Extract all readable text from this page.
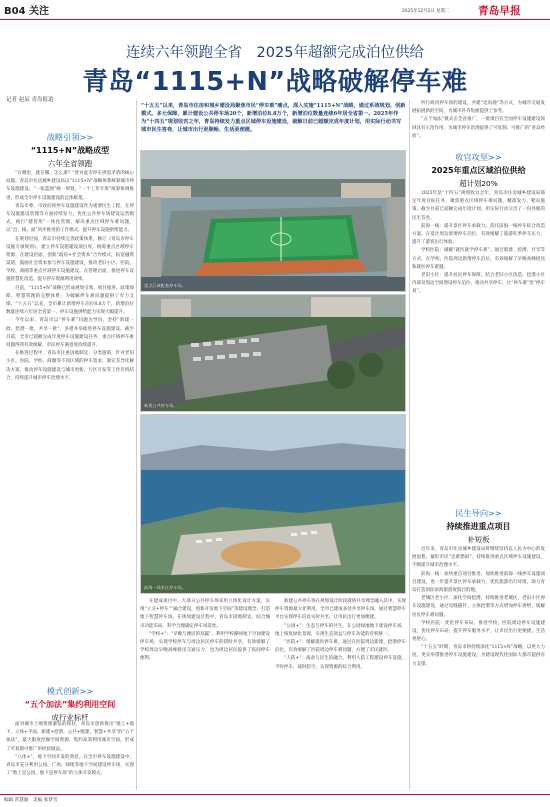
B04 关注	2025年12月2日 星期二	青岛早报
连续六年领跑全省　2025年超额完成泊位供给
青岛“1115+N”战略破解停车难
记者 赵辰 青岛报道
“十五五”以来，青岛市住房和城乡建设局聚焦市民“停车难”痛点，深入实施“1115+N”战略，通过系统规划、创新模式、多元保障，累计建设公共停车场20个，新增泊位8.8万个，新增泊位数量连续6年居全省第一。2025年作为“十四五”规划收官之年，青岛持续发力重点区域停车设施建设，破解日前已超额完成年度计划，用实际行动书写城市民生答卷，让城市出行更顺畅、生活更便捷。
战略引领>>
“1115+N”战略成型
六年全省领跑

“在哪里，就在哪，怎么难？”曾对此市停车供需矛盾的核心问题。青岛市住房城乡建设局以“1115+N”战略体系统筹城市停车设施建设，“一张蓝图”统一规划，“一个工作专班”统筹协调推进，形成全市停车设施建设的总体框架。

青岛市委、市政府将停车设施建设作为重要民生工程，在停车设施建设管理等方面持续发力。优化公共停车场建设运营模式，推行“建管用”一体化管理，解决重点区域停车难问题，以“点、线、面”同步推进的工作模式，提升停车设施供给能力。

在规划层面，青岛市持续完善政策体系，修订《青岛市停车设施专项规划》，建立停车设施建设项目库，统筹重点区域停车资源。在建设层面，创新“政府+社会资本”合作模式，拓宽融资渠道，鼓励社会资本参与停车设施建设，推动老旧小区、医院、学校、商圈等重点区域停车设施建设。在管理层面，推进停车设施智慧化改造，提升停车资源利用效率。

目前，“1115+N”战略已形成规划引领、项目推进、政策保障、智慧管理的完整体系，为破解停车难问题提供了有力支撑。“十五五”以来，全市累计新增停车泊位8.8万个，新增泊位数量连续六年居全省第一，停车设施供给能力实现大幅提升。

今年以来，青岛市以“停车难”问题为导向，坚持“新建一批、挖潜一批、共享一批”，多措并举推进停车设施建设。截至目前，全市已超额完成年度停车设施建设任务，重点区域停车难问题得到有效缓解，市民停车满意度持续提升。

在推进过程中，青岛市注重因地制宜、分类施策，针对老旧小区、医院、学校、商圈等不同区域的停车需求，制定差异化解决方案，推动停车设施建设与城市更新、片区开发等工作有机结合，持续提升城市停车治理水平。

模式创新>>
“五个加法”集约利用空间
成行业标杆

面对城市土地资源紧张的现状，青岛市创新推出“地上+地下、立体+平面、新建+挖潜、公共+配建、智慧+共享”的“五个加法”，最大限度挖掘空间资源，集约高效利用城市空间，形成了可复制可推广的经验做法。

“立体+”，地下空间开发的典范。在全市停车设施建设中，青岛市充分利用公园、广场、绿地等地下空间建设停车场，实现了“地上是公园、地下是停车场”的立体开发模式。

重点区域配套停车场。
新建公共停车场。
前海一线景区停车场。

在建成项目中，大部分公共停车场采用立体化设计方案，实现“立交+停车”“融合建设，创新开发地下空间”等建设理念，打造地下智慧停车场。在规划建设过程中，青岛市因地制宜，结合城市功能布局，科学合理确定停车场选址。

“学校+”：“早晚与便民的双赢”。利用学校操场地下空间建设停车场，实现学校停车与周边居民停车的错时共享，有效缓解了学校周边早晚高峰接送交通压力，也为周边居民提供了夜间停车便利。

新建公共停车场在规划设计阶段就将共享理念融入其中，实现停车资源最大化利用。全市已建成多处共享停车场，通过智慧停车平台实现停车信息实时共享，让市民出行更加便捷。

“公园+”：生态与停车的共生。在公园绿地地下建设停车场，地上恢复绿化景观，实现生态效益与停车功能的有机统一。

“医院+”：缓解就医停车难。通过在医院周边新建、挖潜停车泊位，有效缓解了医院周边停车难问题，方便了市民就医。

“人防+”：战备与民生的融合。利用人防工程建设停车设施，平时停车，战时防空，实现资源的综合利用。

所行政用停车场的建设，共建“边角地”等方式，为城市交通发展拓展新的空间，为城市补齐短板提供了参考。

“五个加法”模式在全省推广，一批项目在全国停车设施建设领域具有示范作用，为城市停车治理提供了可复制、可推广的“青岛经验”。

收官攻坚>>
2025年重点区域泊位供给
超计划20%

2025年是“十四五”规划收官之年，青岛市住房城乡建设局锚定年度目标任务，聚焦重点区域停车难问题，精准发力、靶向施策，截至目前已超额完成年度计划，用实际行动交出了一份亮眼的民生答卷。

前海一线：提升景区停车承载力。依托前海一线停车综合改造方案，在景区周边新增停车泊位，有效缓解了旅游旺季停车压力，提升了游客出行体验。

学校医院：破解“就医就学停车难”。通过新建、挖潜、共享等方式，在学校、医院周边新增停车泊位，有效缓解了早晚高峰接送和就医停车难题。

老旧小区：提升居民停车保障。结合老旧小区改造，挖潜小区内部及周边空间增设停车泊位，推动共享停车，让“停车难”变“停车易”。

民生导向>>
持续推进重点项目
补短板

近年来，青岛市住房城乡建设局将继续坚持以人民为中心的发展思想，紧盯市民“急难愁盼”，持续推进重点区域停车设施建设，不断提升城市治理水平。

前海一线：加快重点项目推进。加快推进前海一线停车设施项目建设，进一步提升景区停车承载力，优化旅游出行环境，助力青岛打造国际滨海旅游度假目的地。

老城区老小区：深化空间挖潜。持续推进老城区、老旧小区停车设施建设，通过见缝插针、立体挖潜等方式增加停车供给，缓解居民停车难问题。

学校医院：优化停车布局。推进学校、医院周边停车设施建设，优化停车布局，提升停车服务水平，让市民出行更便捷、生活更舒心。

“十五五”时期，青岛市将持续深化“1115+N”战略，以更大力度、更实举措推进停车设施建设，为建设现代化国际大都市提供有力支撑。

编辑 常慧颖　美编 张梦雪
